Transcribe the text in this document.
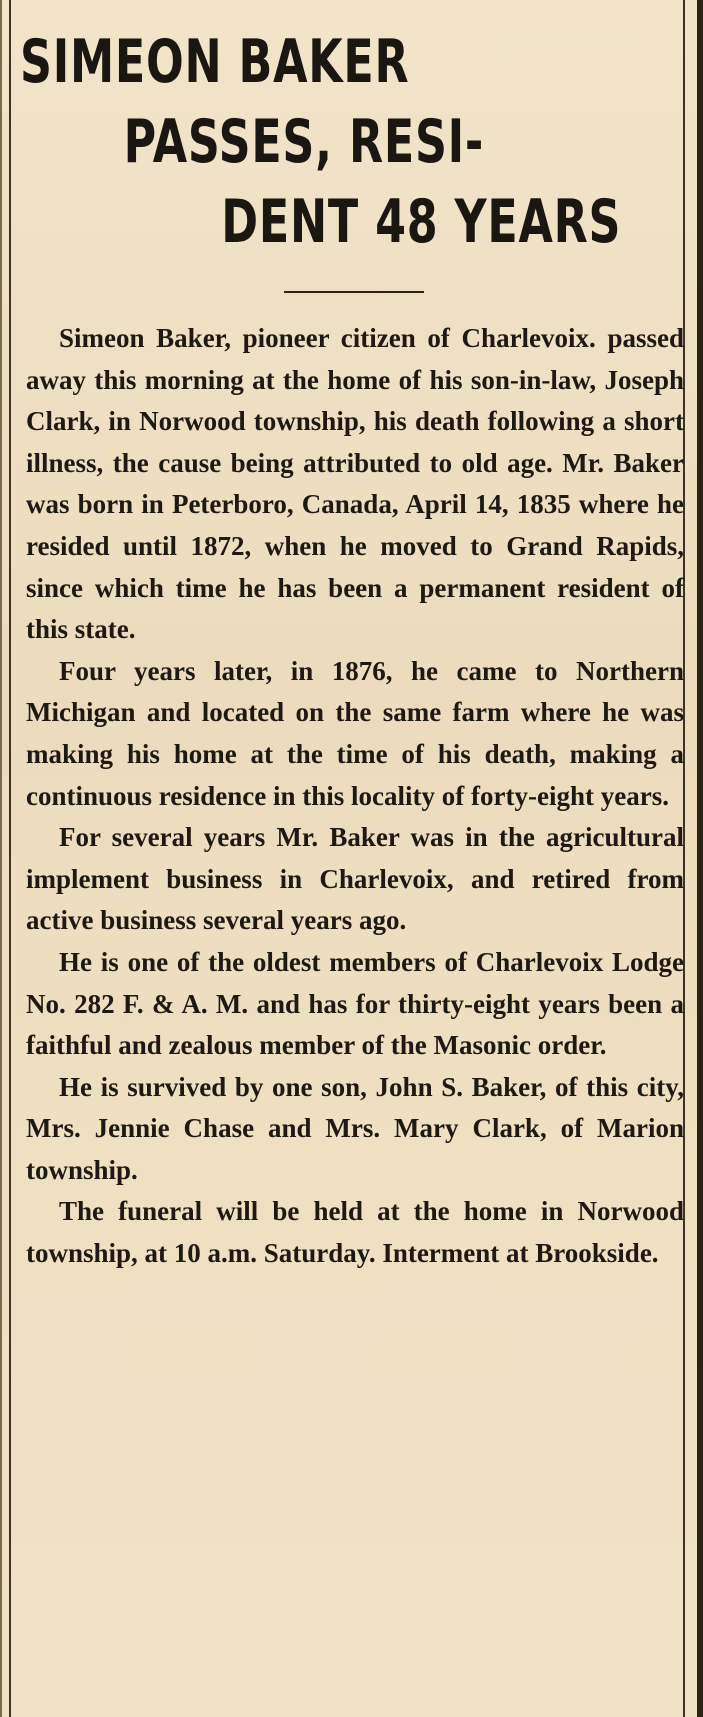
SIMEON BAKER
PASSES, RESI-
DENT 48 YEARS

Simeon Baker, pioneer citizen of Charlevoix. passed away this morning at the home of his son-in-law, Joseph Clark, in Norwood township, his death following a short illness, the cause being attributed to old age. Mr. Baker was born in Peterboro, Canada, April 14, 1835 where he resided until 1872, when he moved to Grand Rapids, since which time he has been a permanent resident of this state.

Four years later, in 1876, he came to Northern Michigan and located on the same farm where he was making his home at the time of his death, making a continuous residence in this locality of forty-eight years.

For several years Mr. Baker was in the agricultural implement business in Charlevoix, and retired from active business several years ago.

He is one of the oldest members of Charlevoix Lodge No. 282 F. & A. M. and has for thirty-eight years been a faithful and zealous member of the Masonic order.

He is survived by one son, John S. Baker, of this city, Mrs. Jennie Chase and Mrs. Mary Clark, of Marion township.

The funeral will be held at the home in Norwood township, at 10 a.m. Saturday. Interment at Brookside.
